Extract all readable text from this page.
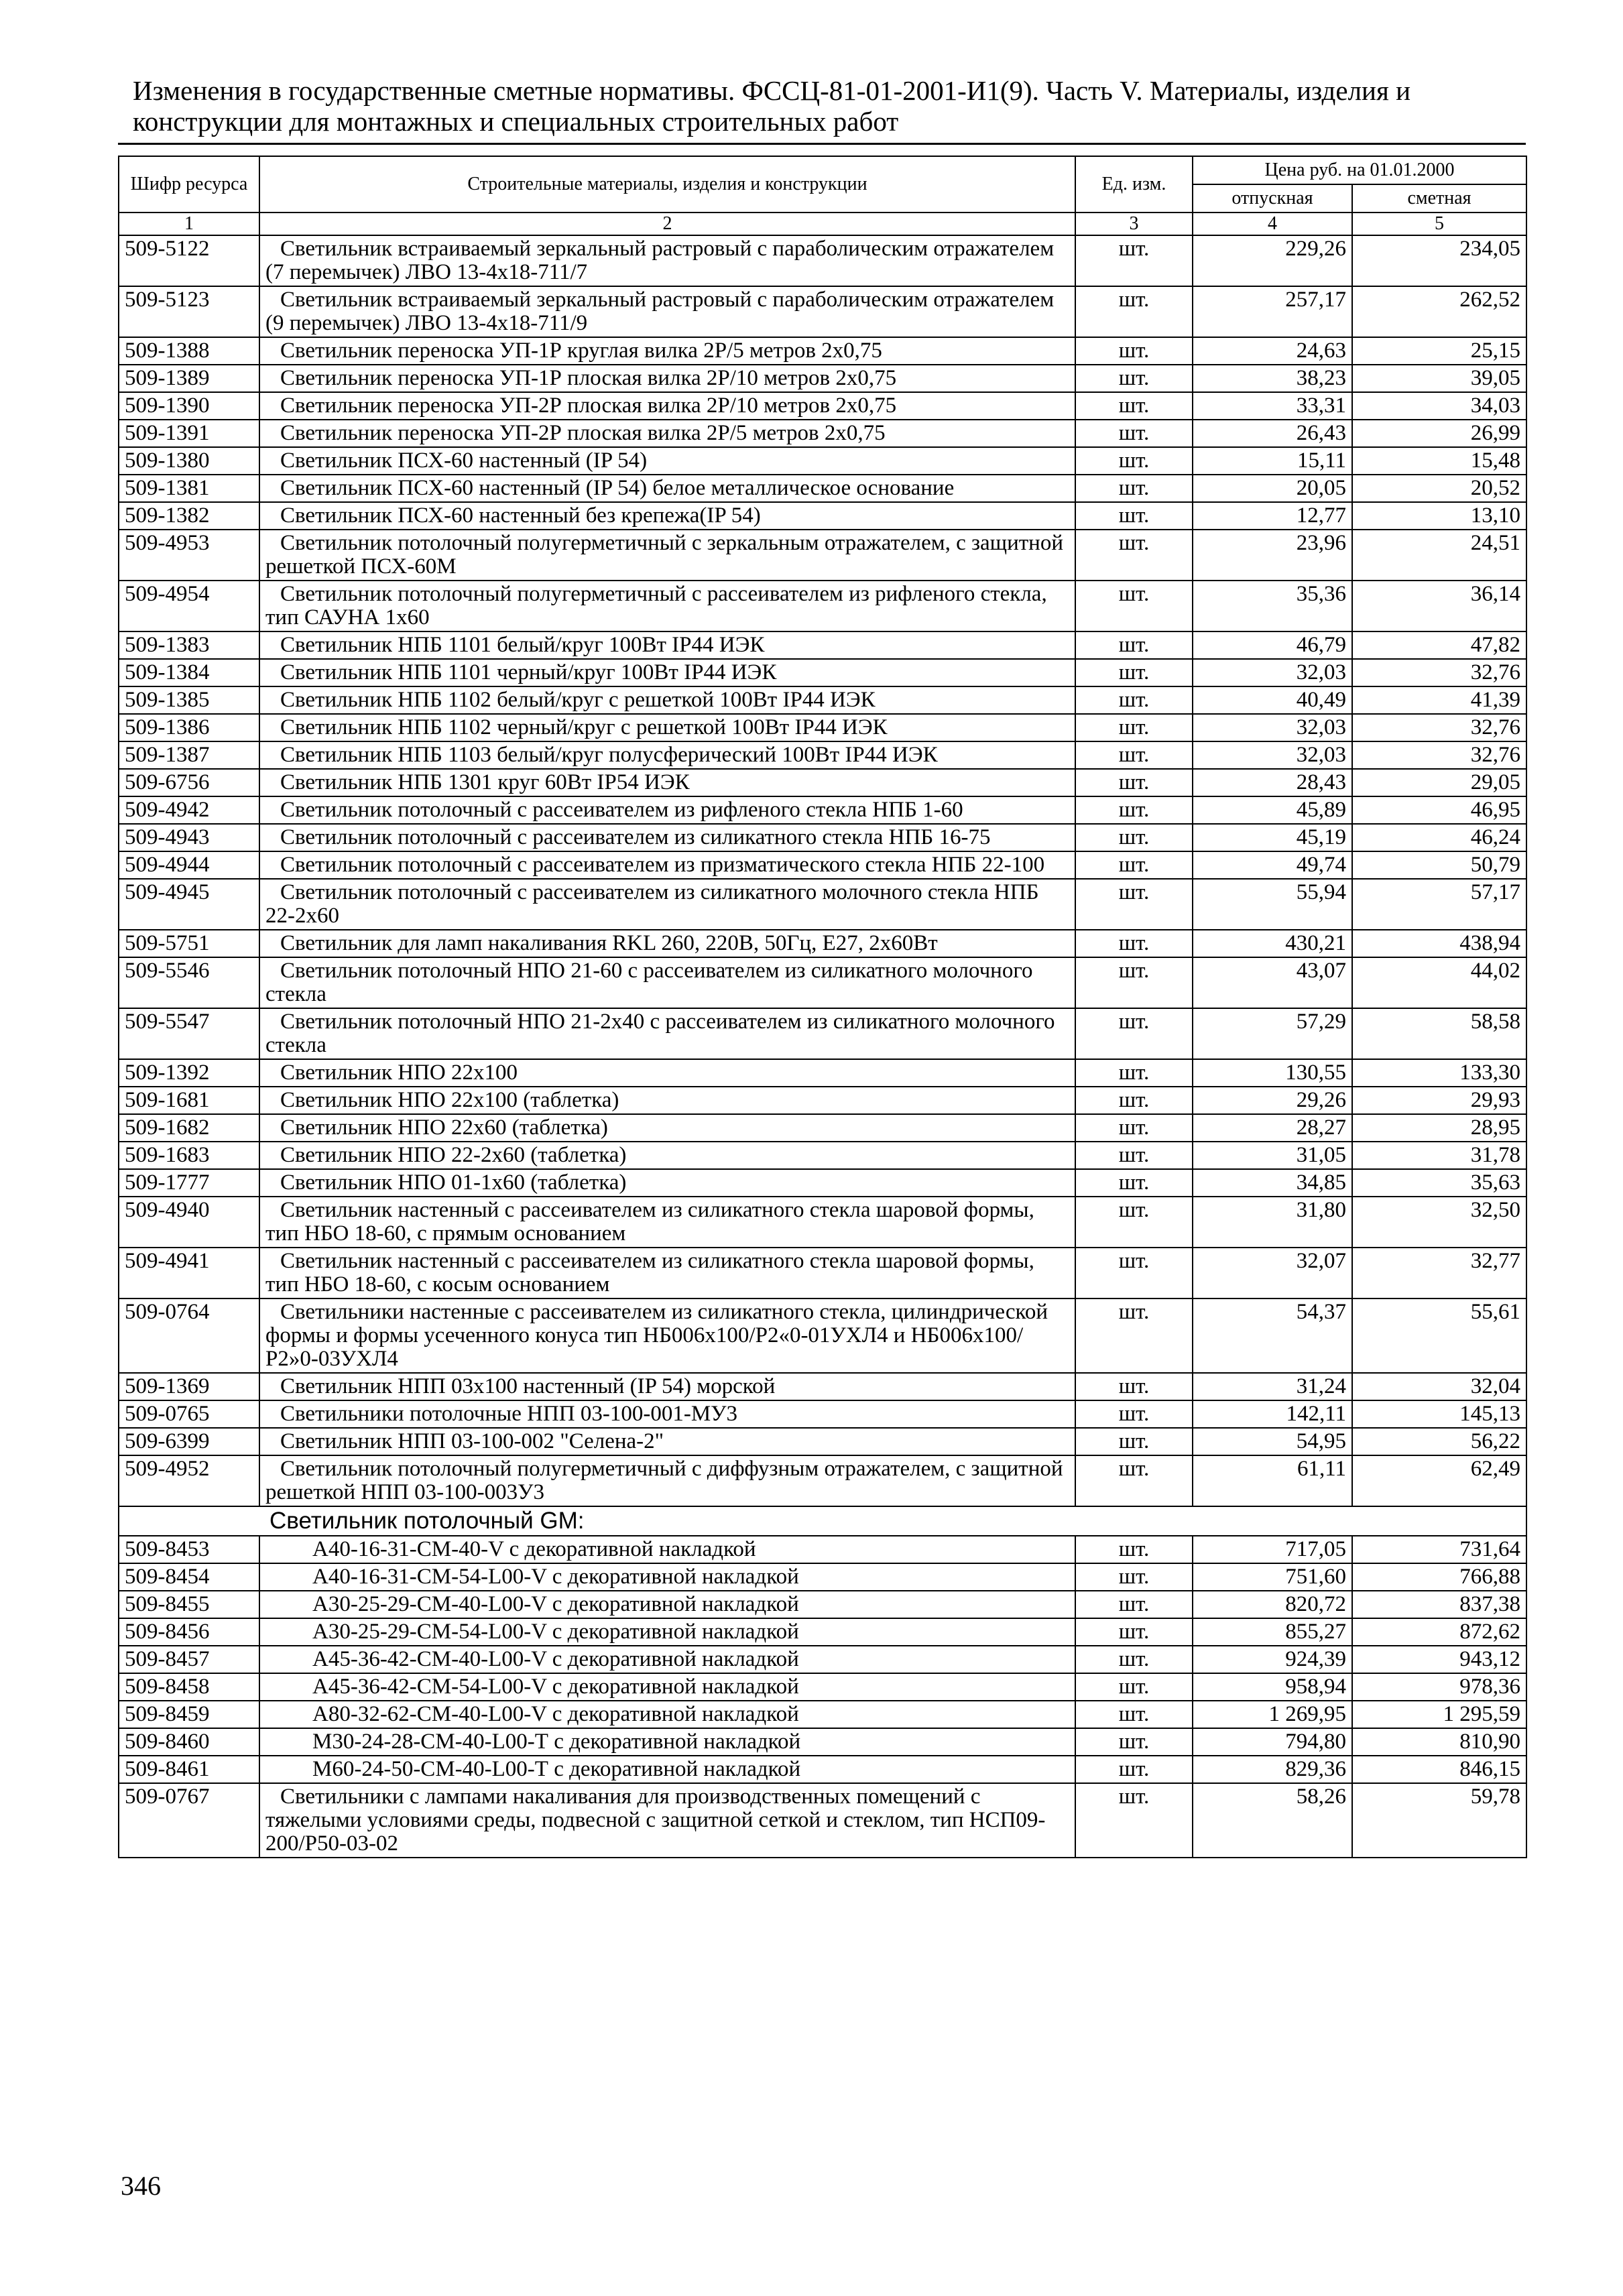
Изменения в государственные сметные нормативы. ФССЦ-81-01-2001-И1(9). Часть V. Материалы, изделия и
конструкции для монтажных и специальных строительных работ
Шифр ресурса	Строительные материалы, изделия и конструкции	Ед. изм.	Цена руб. на 01.01.2000	
			отпускная	сметная
1	2	3	4	5
509-5122	Светильник встраиваемый зеркальный растровый с параболическим отражателем (7 перемычек) ЛВО 13-4х18-711/7	шт.	229,26	234,05
509-5123	Светильник встраиваемый зеркальный растровый с параболическим отражателем (9 перемычек) ЛВО 13-4х18-711/9	шт.	257,17	262,52
509-1388	Светильник переноска УП-1Р круглая вилка 2Р/5 метров 2х0,75	шт.	24,63	25,15
509-1389	Светильник переноска УП-1Р плоская вилка 2Р/10 метров 2х0,75	шт.	38,23	39,05
509-1390	Светильник переноска УП-2Р плоская вилка 2Р/10 метров 2х0,75	шт.	33,31	34,03
509-1391	Светильник переноска УП-2Р плоская вилка 2Р/5 метров 2х0,75	шт.	26,43	26,99
509-1380	Светильник ПСХ-60 настенный (IP 54)	шт.	15,11	15,48
509-1381	Светильник ПСХ-60 настенный (IP 54) белое металлическое основание	шт.	20,05	20,52
509-1382	Светильник ПСХ-60 настенный без крепежа(IP 54)	шт.	12,77	13,10
509-4953	Светильник потолочный полугерметичный с зеркальным отражателем, с защитной решеткой ПСХ-60М	шт.	23,96	24,51
509-4954	Светильник потолочный полугерметичный с рассеивателем из рифленого стекла, тип САУНА 1х60	шт.	35,36	36,14
509-1383	Светильник НПБ 1101 белый/круг 100Вт IP44 ИЭК	шт.	46,79	47,82
509-1384	Светильник НПБ 1101 черный/круг 100Вт IP44 ИЭК	шт.	32,03	32,76
509-1385	Светильник НПБ 1102 белый/круг с решеткой 100Вт IP44 ИЭК	шт.	40,49	41,39
509-1386	Светильник НПБ 1102 черный/круг с решеткой 100Вт IP44 ИЭК	шт.	32,03	32,76
509-1387	Светильник НПБ 1103 белый/круг полусферический 100Вт IP44 ИЭК	шт.	32,03	32,76
509-6756	Светильник НПБ 1301 круг 60Вт IP54 ИЭК	шт.	28,43	29,05
509-4942	Светильник потолочный с рассеивателем из рифленого стекла НПБ 1-60	шт.	45,89	46,95
509-4943	Светильник потолочный с рассеивателем из силикатного стекла НПБ 16-75	шт.	45,19	46,24
509-4944	Светильник потолочный с рассеивателем из призматического стекла НПБ 22-100	шт.	49,74	50,79
509-4945	Светильник потолочный с рассеивателем из силикатного молочного стекла НПБ 22-2х60	шт.	55,94	57,17
509-5751	Светильник для ламп накаливания RKL 260, 220В, 50Гц, Е27, 2х60Вт	шт.	430,21	438,94
509-5546	Светильник потолочный НПО 21-60 с рассеивателем из силикатного молочного стекла	шт.	43,07	44,02
509-5547	Светильник потолочный НПО 21-2х40 с рассеивателем из силикатного молочного стекла	шт.	57,29	58,58
509-1392	Светильник НПО 22х100	шт.	130,55	133,30
509-1681	Светильник НПО 22х100 (таблетка)	шт.	29,26	29,93
509-1682	Светильник НПО 22х60 (таблетка)	шт.	28,27	28,95
509-1683	Светильник НПО 22-2х60 (таблетка)	шт.	31,05	31,78
509-1777	Светильник НПО 01-1х60 (таблетка)	шт.	34,85	35,63
509-4940	Светильник настенный с рассеивателем из силикатного стекла шаровой формы, тип НБО 18-60, с прямым основанием	шт.	31,80	32,50
509-4941	Светильник настенный с рассеивателем из силикатного стекла шаровой формы, тип НБО 18-60, с косым основанием	шт.	32,07	32,77
509-0764	Светильники настенные с рассеивателем из силикатного стекла, цилиндрической формы и формы усеченного конуса тип НБ006х100/Р2«0-01УХЛ4 и НБ006х100/Р2»0-03УХЛ4	шт.	54,37	55,61
509-1369	Светильник НПП 03х100 настенный (IP 54) морской	шт.	31,24	32,04
509-0765	Светильники потолочные НПП 03-100-001-МУ3	шт.	142,11	145,13
509-6399	Светильник НПП 03-100-002 "Селена-2"	шт.	54,95	56,22
509-4952	Светильник потолочный полугерметичный с диффузным отражателем, с защитной решеткой НПП 03-100-003У3	шт.	61,11	62,49
Светильник потолочный GM:				
509-8453	А40-16-31-СМ-40-V с декоративной накладкой	шт.	717,05	731,64
509-8454	А40-16-31-СМ-54-L00-V с декоративной накладкой	шт.	751,60	766,88
509-8455	А30-25-29-СМ-40-L00-V с декоративной накладкой	шт.	820,72	837,38
509-8456	А30-25-29-СМ-54-L00-V с декоративной накладкой	шт.	855,27	872,62
509-8457	А45-36-42-СМ-40-L00-V с декоративной накладкой	шт.	924,39	943,12
509-8458	А45-36-42-СМ-54-L00-V с декоративной накладкой	шт.	958,94	978,36
509-8459	А80-32-62-СМ-40-L00-V с декоративной накладкой	шт.	1 269,95	1 295,59
509-8460	М30-24-28-СМ-40-L00-Т с декоративной накладкой	шт.	794,80	810,90
509-8461	М60-24-50-СМ-40-L00-Т с декоративной накладкой	шт.	829,36	846,15
509-0767	Светильники с лампами накаливания для производственных помещений с тяжелыми условиями среды, подвесной с защитной сеткой и стеклом, тип НСП09-200/Р50-03-02	шт.	58,26	59,78
346
